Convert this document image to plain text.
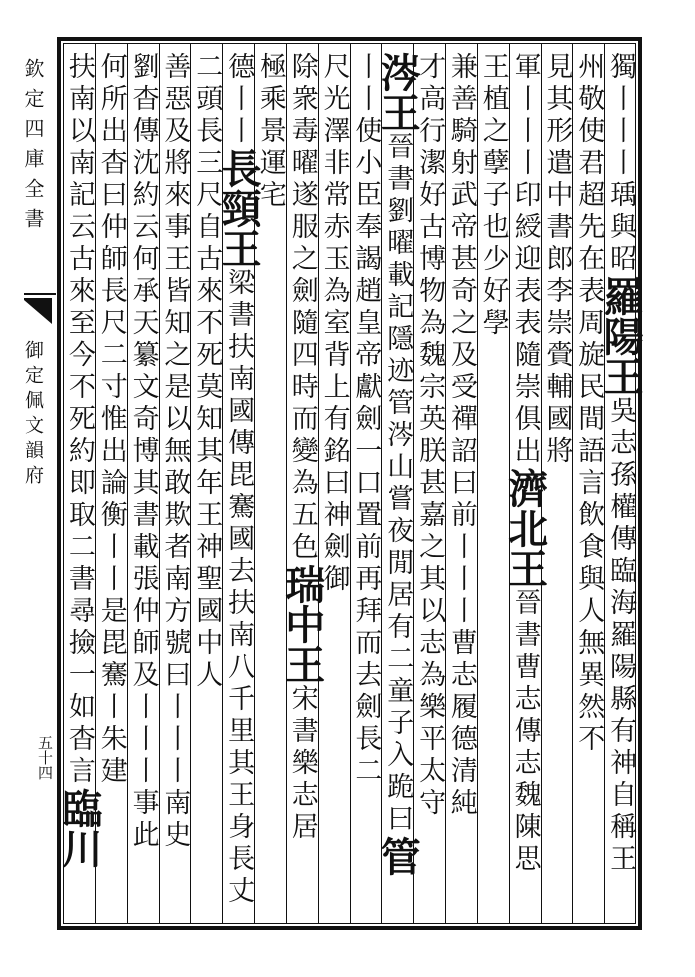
欽定四庫全書
御定佩文韻府
五十四
獨丨丨丨瑀與昭羅陽王吳志孫權傳臨海羅陽縣有神自稱王
州敬使君超先在表周旋民間語言飲食與人無異然不
見其形遣中書郎李崇賫輔國將
軍丨丨丨印綬迎表表隨崇俱出濟北王晉書曹志傳志魏陳思
王植之孽子也少好學
兼善騎射武帝甚奇之及受禪詔曰前丨丨丨曹志履德清純
才高行潔好古博物為魏宗英朕甚嘉之其以志為樂平太守
涔王晉書劉曜載記隱迹管涔山嘗夜閒居有二童子入跪曰管
丨丨使小臣奉謁趙皇帝獻劍一口置前再拜而去劍長二
尺光澤非常赤玉為室背上有銘曰神劍御
除衆毒曜遂服之劍隨四時而變為五色瑞中王宋書樂志居
極乘景運宅
德丨丨長頸王梁書扶南國傳毘騫國去扶南八千里其王身長丈
二頭長三尺自古來不死莫知其年王神聖國中人
善惡及將來事王皆知之是以無敢欺者南方號曰丨丨丨南史
劉杳傳沈約云何承天纂文奇博其書載張仲師及丨丨丨事此
何所出杳曰仲師長尺二寸惟出論衡丨丨是毘騫丨朱建
扶南以南記云古來至今不死約即取二書尋撿一如杳言臨川
